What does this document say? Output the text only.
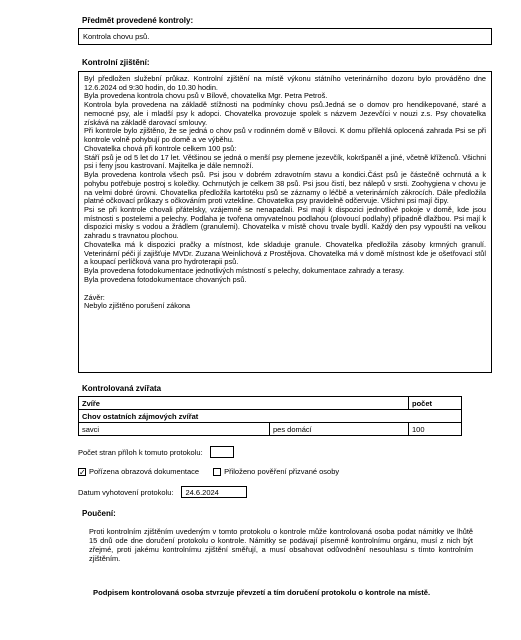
Předmět provedené kontroly:
Kontrola chovu psů.
Kontrolní zjištění:

Byl předložen služební průkaz. Kontrolní zjištění na místě výkonu státního veterinárního dozoru bylo prováděno dne 12.6.2024 od 9:30 hodin, do 10.30 hodin.

Byla provedena kontrola chovu psů v Bílově, chovatelka Mgr. Petra Petroš.

Kontrola byla provedena na základě stížnosti na podmínky chovu psů.Jedná se o domov pro hendikepované, staré a nemocné psy, ale i mladší psy k adopci. Chovatelka provozuje spolek s názvem Jezevčíci v nouzi z.s. Psy chovatelka získává na základě darovací smlouvy.

Při kontrole bylo zjištěno, že se jedná o chov psů v rodinném domě v Bílovci. K domu přilehlá oplocená zahrada Psi se při kontrole volně pohybují po domě a ve výběhu.

Chovatelka chová při kontrole celkem 100 psů:

Stáří psů je od 5 let do 17 let. Většinou se jedná o menší psy plemene jezevčík, kokršpaněl a jiné, včetně kříženců. Všichni psi i feny jsou kastrovaní. Majitelka je dále nemnoží.

Byla provedena kontrola všech psů. Psi jsou v dobrém zdravotním stavu a kondici.Část psů je částečně ochrnutá a k pohybu potřebuje postroj s kolečky. Ochrnutých je celkem 38 psů. Psi jsou čistí, bez nálepů v srsti. Zoohygiena v chovu je na velmi dobré úrovni. Chovatelka předložila kartotéku psů se záznamy o léčbě a veterinárních zákrocích. Dále předložila platné očkovací průkazy s očkováním proti vztekline. Chovatelka psy pravidelně odčervuje. Všichni psi mají čipy.

Psi se při kontrole chovali přátelsky, vzájemně se nenapadali. Psi mají k dispozici jednotlivé pokoje v domě, kde jsou místnosti s postelemi a pelechy. Podlaha je tvořena omyvatelnou podlahou (plovoucí podlahy) případně dlažbou. Psi mají k dispozici misky s vodou a žrádlem (granulemi). Chovatelka v místě chovu trvale bydlí. Každý den psy vypouští na velkou zahradu s travnatou plochou.

Chovatelka má k dispozici pračky a místnost, kde skladuje granule. Chovatelka předložila zásoby krmných granulí. Veterinární péči jí zajišťuje MVDr. Zuzana Weinlichová z Prostějova. Chovatelka má v domě místnost kde je ošetřovací stůl a koupací perlíčková vana pro hydroterapii psů.

Byla provedena fotodokumentace jednotlivých místností s pelechy, dokumentace zahrady a terasy.

Byla provedena fotodokumentace chovaných psů.

Závěr:

Nebylo zjištěno porušení zákona

Kontrolovaná zvířata
Zvíře		počet
Chov ostatních zájmových zvířat		
savci	pes domácí	100
Počet stran příloh k tomuto protokolu:
✓ Pořízena obrazová dokumentace	Přiloženo pověření přizvané osoby
Datum vyhotovení protokolu:	24.6.2024
Poučení:
Proti kontrolním zjištěním uvedeným v tomto protokolu o kontrole může kontrolovaná osoba podat námitky ve lhůtě 15 dnů ode dne doručení protokolu o kontrole. Námitky se podávají písemně kontrolnímu orgánu, musí z nich být zřejmé, proti jakému kontrolnímu zjištění směřují, a musí obsahovat odůvodnění nesouhlasu s tímto kontrolním zjištěním.
Podpisem kontrolovaná osoba stvrzuje převzetí a tím doručení protokolu o kontrole na místě.
